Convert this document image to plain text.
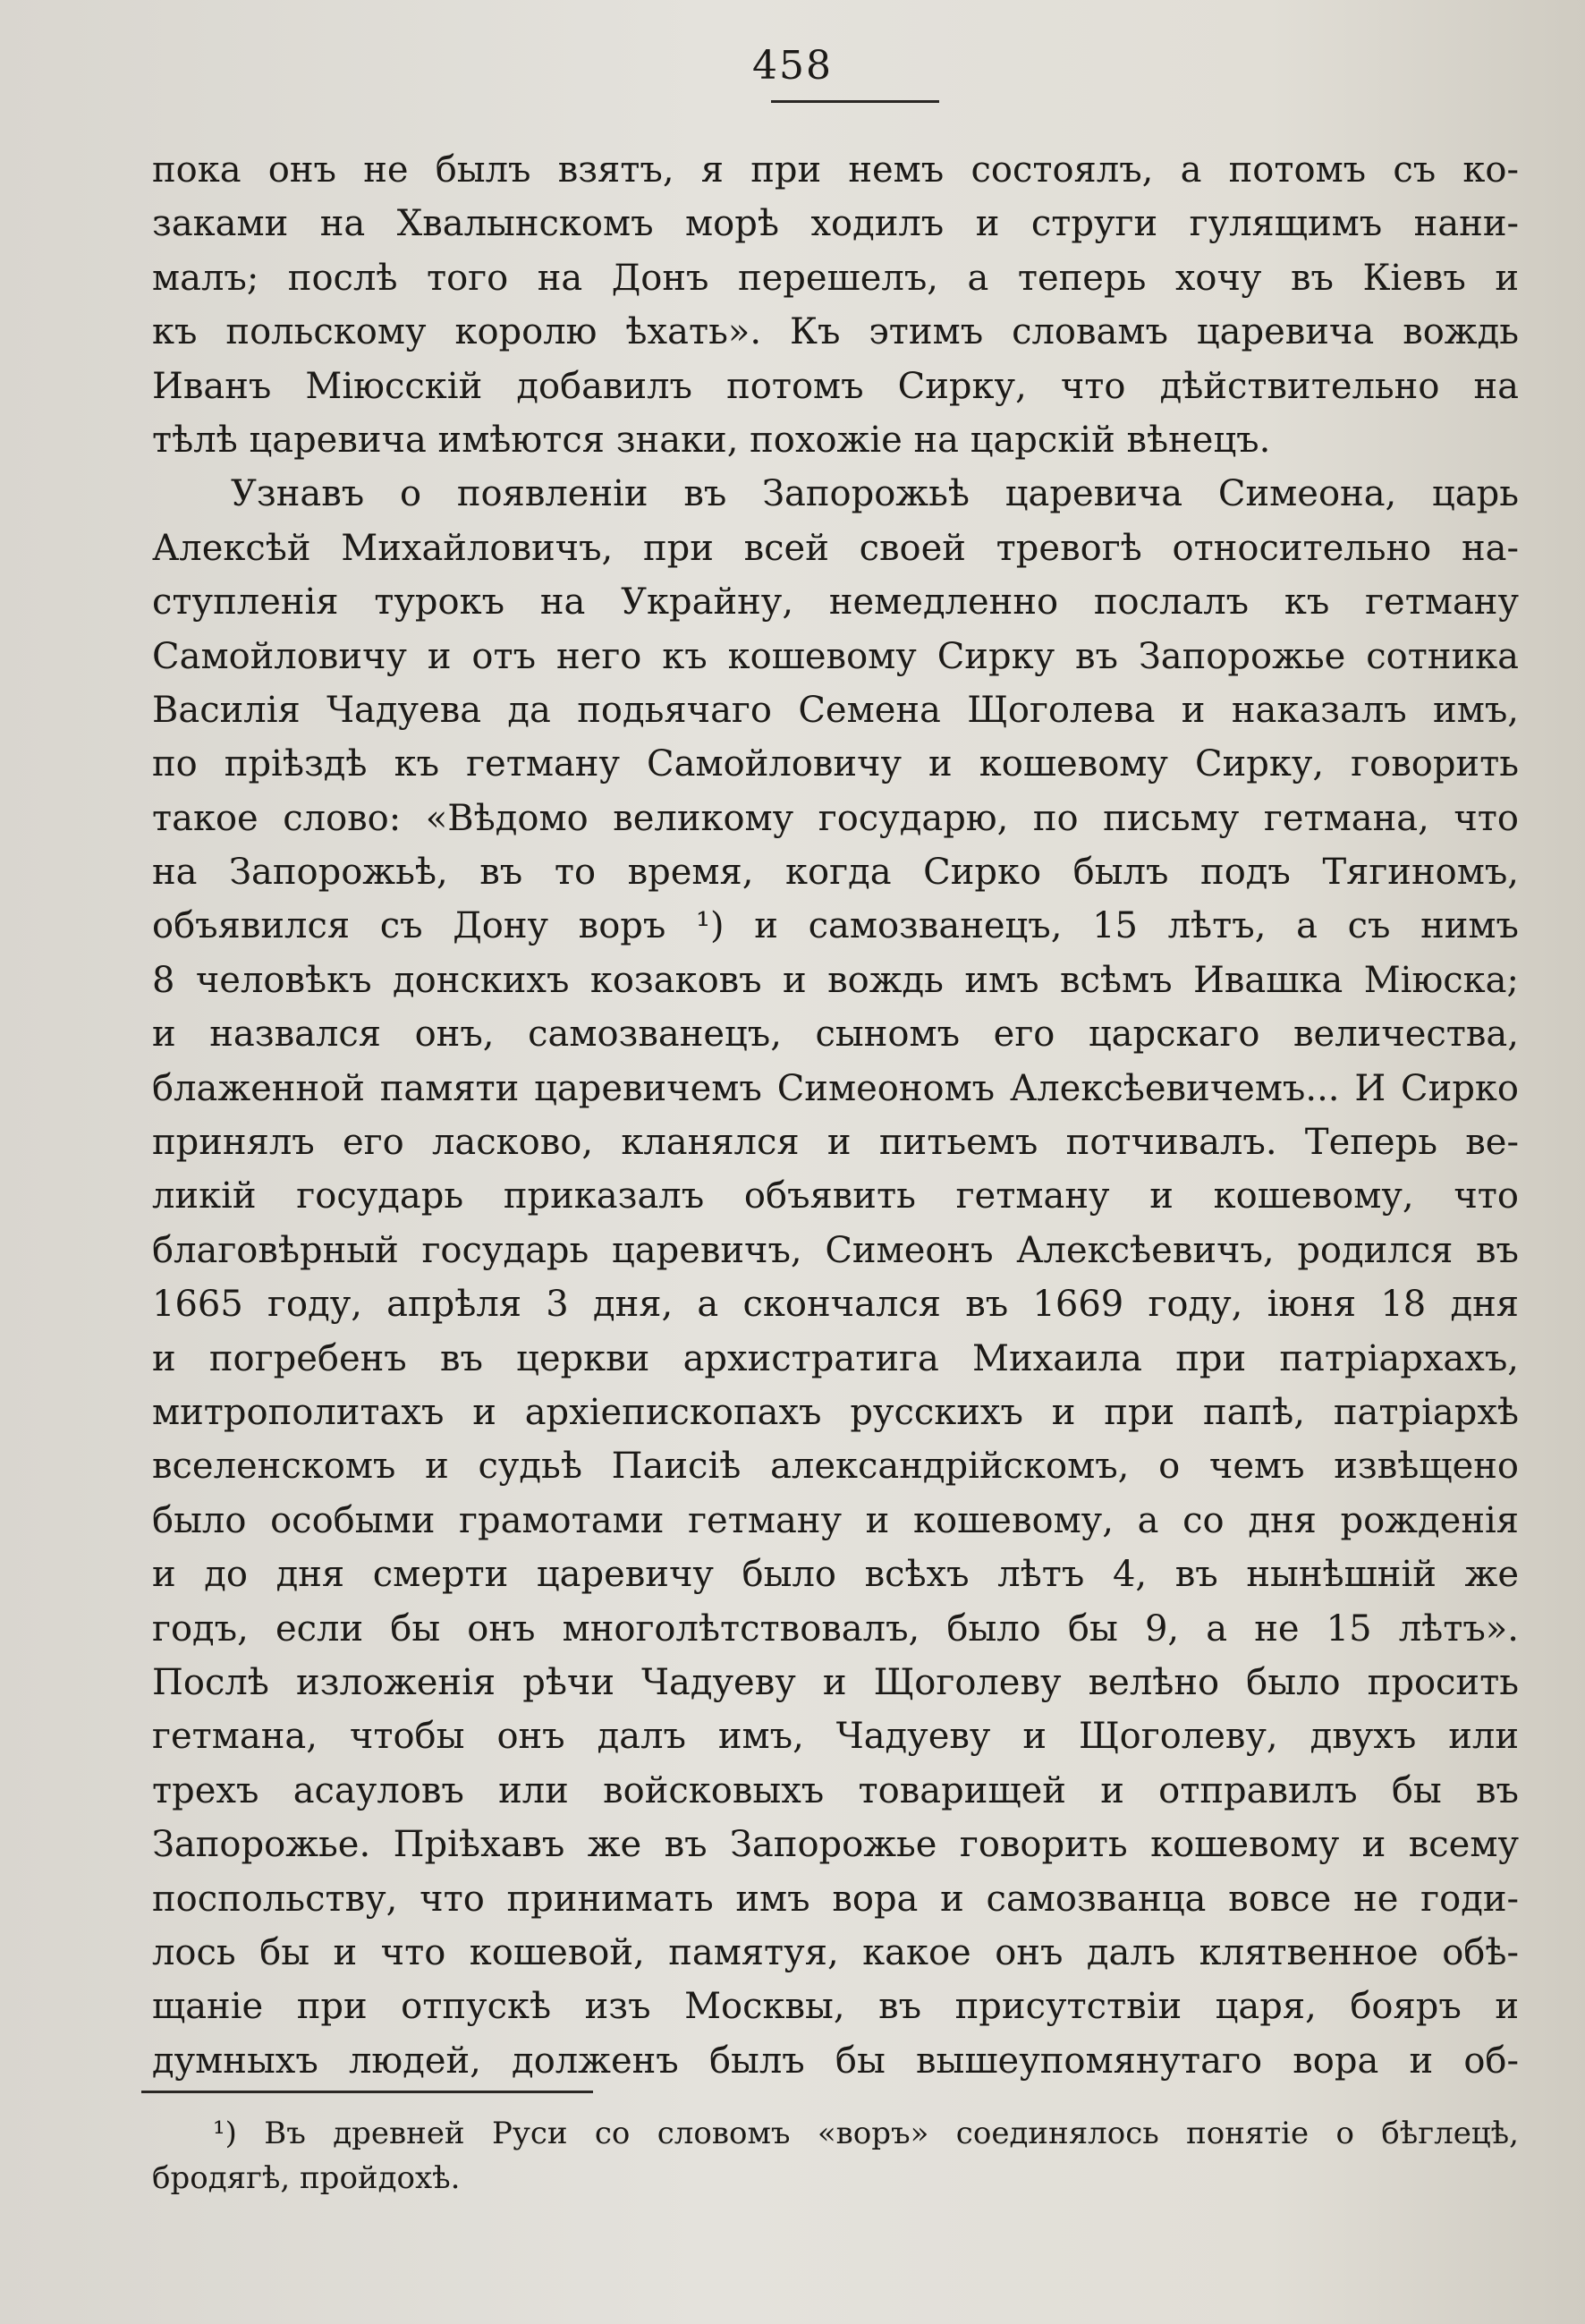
458
пока онъ не былъ взятъ, я при немъ состоялъ, а потомъ съ ко-
заками на Хвалынскомъ морѣ ходилъ и струги гулящимъ нани-
малъ; послѣ того на Донъ перешелъ, а теперь хочу въ Кіевъ и
къ польскому королю ѣхать». Къ этимъ словамъ царевича вождь
Иванъ Міюсскій добавилъ потомъ Сирку, что дѣйствительно на
тѣлѣ царевича имѣются знаки, похожіе на царскій вѣнецъ.
Узнавъ о появленіи въ Запорожьѣ царевича Симеона, царь
Алексѣй Михайловичъ, при всей своей тревогѣ относительно на-
ступленія турокъ на Украйну, немедленно послалъ къ гетману
Самойловичу и отъ него къ кошевому Сирку въ Запорожье сотника
Василія Чадуева да подьячаго Семена Щоголева и наказалъ имъ,
по пріѣздѣ къ гетману Самойловичу и кошевому Сирку, говорить
такое слово: «Вѣдомо великому государю, по письму гетмана, что
на Запорожьѣ, въ то время, когда Сирко былъ подъ Тягиномъ,
объявился съ Дону воръ ¹) и самозванецъ, 15 лѣтъ, а съ нимъ
8 человѣкъ донскихъ козаковъ и вождь имъ всѣмъ Ивашка Міюска;
и назвался онъ, самозванецъ, сыномъ его царскаго величества,
блаженной памяти царевичемъ Симеономъ Алексѣевичемъ... И Сирко
принялъ его ласково, кланялся и питьемъ потчивалъ. Теперь ве-
ликій государь приказалъ объявить гетману и кошевому, что
благовѣрный государь царевичъ, Симеонъ Алексѣевичъ, родился въ
1665 году, апрѣля 3 дня, а скончался въ 1669 году, іюня 18 дня
и погребенъ въ церкви архистратига Михаила при патріархахъ,
митрополитахъ и архіепископахъ русскихъ и при папѣ, патріархѣ
вселенскомъ и судьѣ Паисіѣ александрійскомъ, о чемъ извѣщено
было особыми грамотами гетману и кошевому, а со дня рожденія
и до дня смерти царевичу было всѣхъ лѣтъ 4, въ нынѣшній же
годъ, если бы онъ многолѣтствовалъ, было бы 9, а не 15 лѣтъ».
Послѣ изложенія рѣчи Чадуеву и Щоголеву велѣно было просить
гетмана, чтобы онъ далъ имъ, Чадуеву и Щоголеву, двухъ или
трехъ асауловъ или войсковыхъ товарищей и отправилъ бы въ
Запорожье. Пріѣхавъ же въ Запорожье говорить кошевому и всему
поспольству, что принимать имъ вора и самозванца вовсе не годи-
лось бы и что кошевой, памятуя, какое онъ далъ клятвенное обѣ-
щаніе при отпускѣ изъ Москвы, въ присутствіи царя, бояръ и
думныхъ людей, долженъ былъ бы вышеупомянутаго вора и об-
¹) Въ древней Руси со словомъ «воръ» соединялось понятіе о бѣглецѣ,
бродягѣ, пройдохѣ.
